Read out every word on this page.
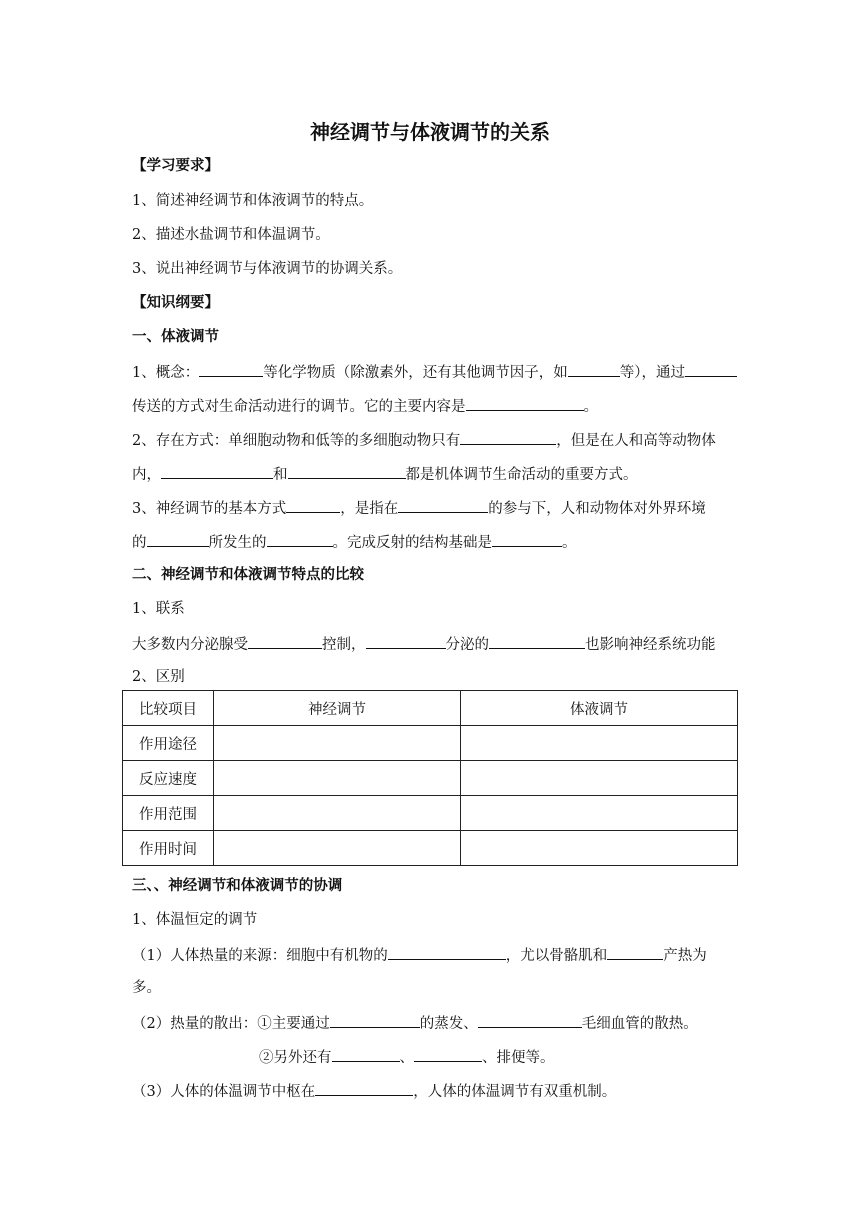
神经调节与体液调节的关系
【学习要求】
1、简述神经调节和体液调节的特点。
2、描述水盐调节和体温调节。
3、说出神经调节与体液调节的协调关系。
【知识纲要】
一、体液调节
1、概念：	等化学物质（除激素外，还有其他调节因子，如	等），通过
传送的方式对生命活动进行的调节。它的主要内容是	。
2、存在方式：单细胞动物和低等的多细胞动物只有	，但是在人和高等动物体
内，	和	都是机体调节生命活动的重要方式。
3、神经调节的基本方式	，是指在	的参与下，人和动物体对外界环境
的	所发生的	。完成反射的结构基础是	。
二、神经调节和体液调节特点的比较
1、联系
大多数内分泌腺受	控制，	分泌的	也影响神经系统功能
2、区别
比较项目	神经调节	体液调节
作用途径		
反应速度		
作用范围		
作用时间		
三、、神经调节和体液调节的协调
1、体温恒定的调节
（1）人体热量的来源：细胞中有机物的	，尤以骨骼肌和	产热为
多。
（2）热量的散出：①主要通过	的蒸发、	毛细血管的散热。
②另外还有	、	、排便等。
（3）人体的体温调节中枢在	，人体的体温调节有双重机制。
